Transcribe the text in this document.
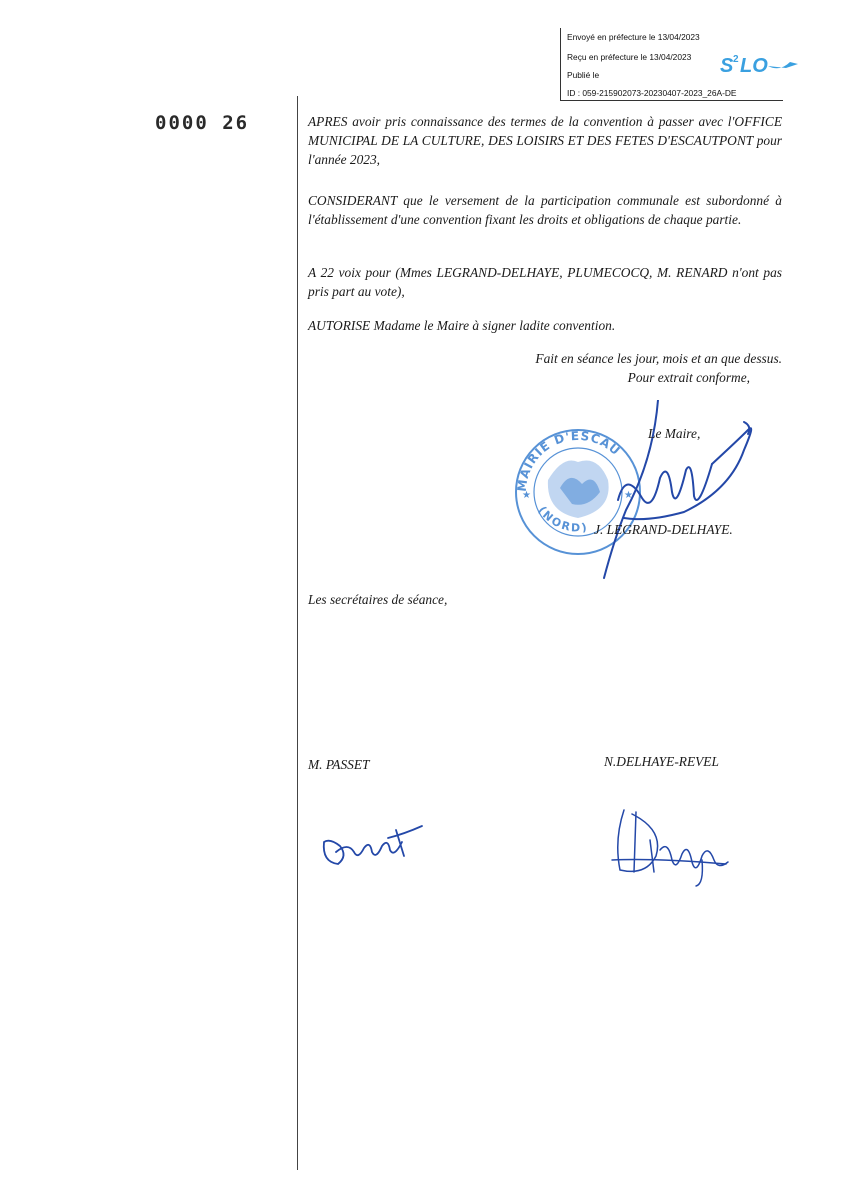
Envoyé en préfecture le 13/04/2023
Reçu en préfecture le 13/04/2023
Publié le
ID : 059-215902073-20230407-2023_26A-DE
S 2 LO
0000 26	APRES avoir pris connaissance des termes de la convention à passer avec l'OFFICE MUNICIPAL DE LA CULTURE, DES LOISIRS ET DES FETES D'ESCAUTPONT pour l'année 2023,

CONSIDERANT que le versement de la participation communale est subordonné à l'établissement d'une convention fixant les droits et obligations de chaque partie.

A 22 voix pour (Mmes LEGRAND-DELHAYE, PLUMECOCQ, M. RENARD n'ont pas pris part au vote),

AUTORISE Madame le Maire à signer ladite convention.

Fait en séance les jour, mois et an que dessus.
Pour extrait conforme,
MAIRIE D'ESCAU
(NORD)
★	★
Le Maire,
J. LEGRAND-DELHAYE.
Les secrétaires de séance,
M. PASSET	N.DELHAYE-REVEL
